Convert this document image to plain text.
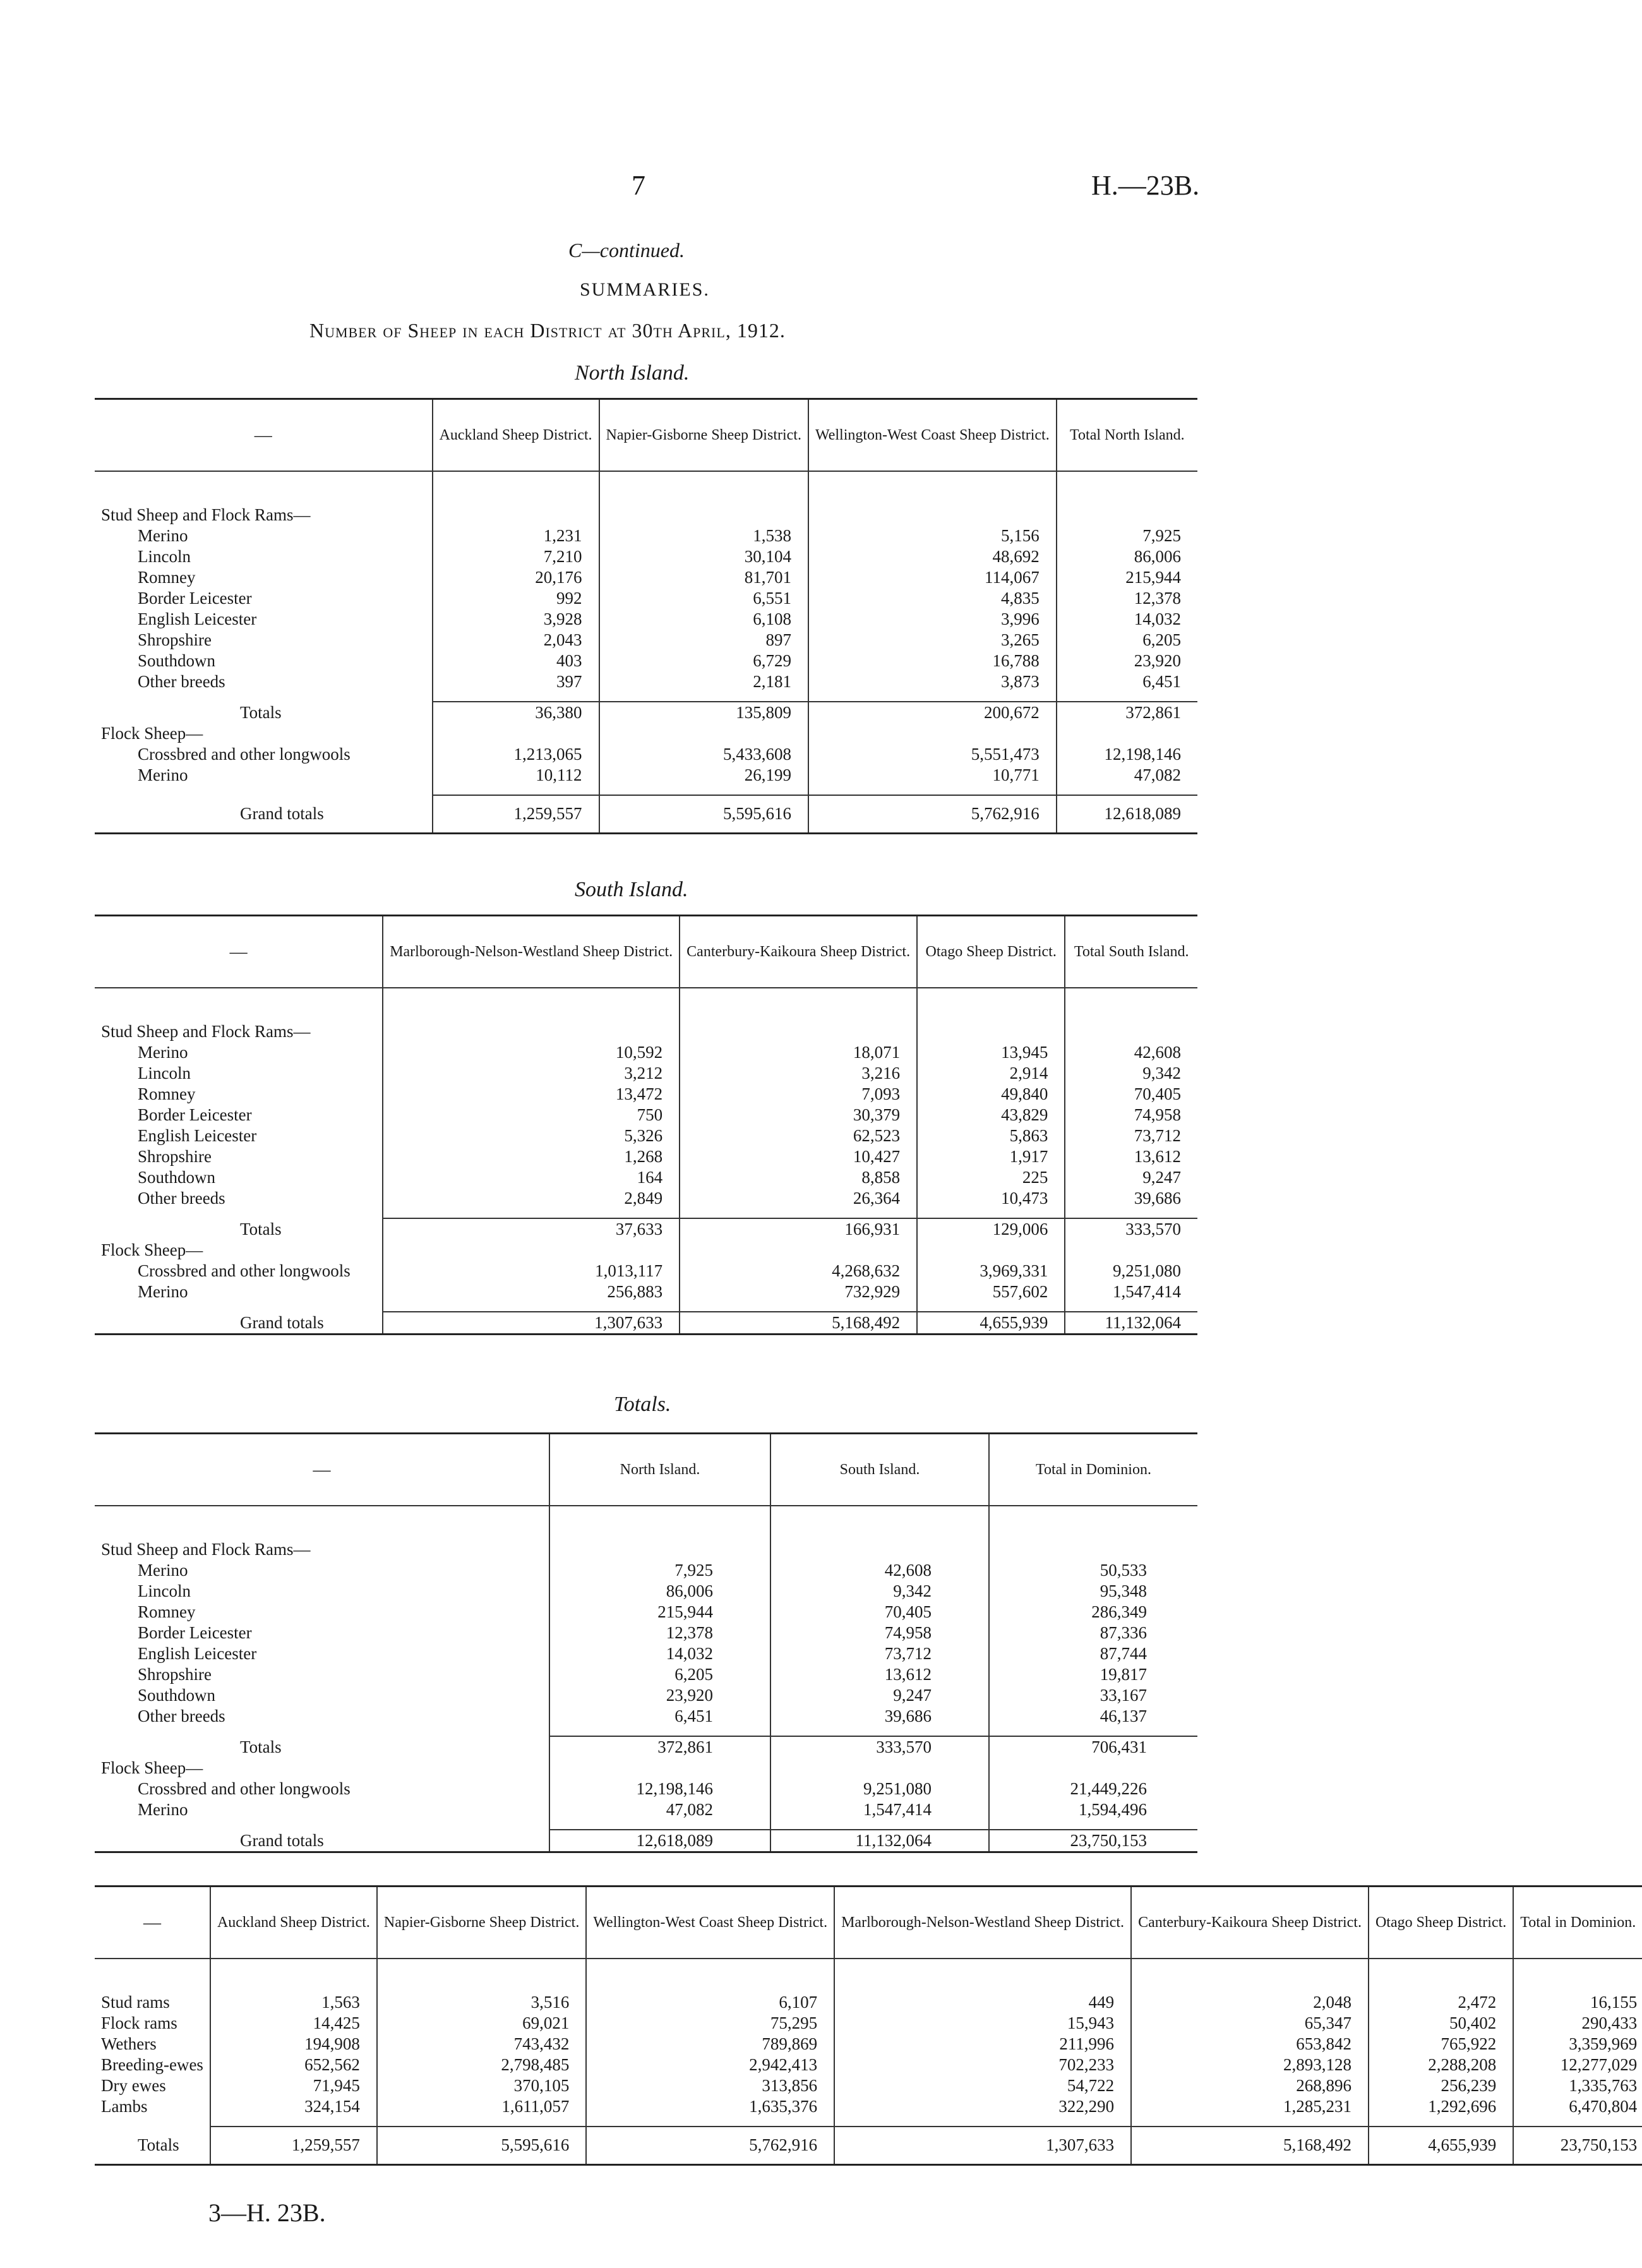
7	H.—23B.
C—continued.
SUMMARIES.
Number of Sheep in each District at 30th April, 1912.
North Island.
—	Auckland Sheep District.	Napier-Gisborne Sheep District.	Wellington-West Coast Sheep District.	Total North Island.

Stud Sheep and Flock Rams—				
Merino	1,231	1,538	5,156	7,925
Lincoln	7,210	30,104	48,692	86,006
Romney	20,176	81,701	114,067	215,944
Border Leicester	992	6,551	4,835	12,378
English Leicester	3,928	6,108	3,996	14,032
Shropshire	2,043	897	3,265	6,205
Southdown	403	6,729	16,788	23,920
Other breeds	397	2,181	3,873	6,451

Totals	36,380	135,809	200,672	372,861
Flock Sheep—				
Crossbred and other longwools	1,213,065	5,433,608	5,551,473	12,198,146
Merino	10,112	26,199	10,771	47,082

Grand totals	1,259,557	5,595,616	5,762,916	12,618,089
South Island.
—	Marlborough-Nelson-Westland Sheep District.	Canterbury-Kaikoura Sheep District.	Otago Sheep District.	Total South Island.

Stud Sheep and Flock Rams—				
Merino	10,592	18,071	13,945	42,608
Lincoln	3,212	3,216	2,914	9,342
Romney	13,472	7,093	49,840	70,405
Border Leicester	750	30,379	43,829	74,958
English Leicester	5,326	62,523	5,863	73,712
Shropshire	1,268	10,427	1,917	13,612
Southdown	164	8,858	225	9,247
Other breeds	2,849	26,364	10,473	39,686

Totals	37,633	166,931	129,006	333,570
Flock Sheep—				
Crossbred and other longwools	1,013,117	4,268,632	3,969,331	9,251,080
Merino	256,883	732,929	557,602	1,547,414

Grand totals	1,307,633	5,168,492	4,655,939	11,132,064
Totals.
—	North Island.	South Island.	Total in Dominion.

Stud Sheep and Flock Rams—			
Merino	7,925	42,608	50,533
Lincoln	86,006	9,342	95,348
Romney	215,944	70,405	286,349
Border Leicester	12,378	74,958	87,336
English Leicester	14,032	73,712	87,744
Shropshire	6,205	13,612	19,817
Southdown	23,920	9,247	33,167
Other breeds	6,451	39,686	46,137

Totals	372,861	333,570	706,431
Flock Sheep—			
Crossbred and other longwools	12,198,146	9,251,080	21,449,226
Merino	47,082	1,547,414	1,594,496

Grand totals	12,618,089	11,132,064	23,750,153
—	Auckland Sheep District.	Napier-Gisborne Sheep District.	Wellington-West Coast Sheep District.	Marlborough-Nelson-Westland Sheep District.	Canterbury-Kaikoura Sheep District.	Otago Sheep District.	Total in Dominion.

Stud rams	1,563	3,516	6,107	449	2,048	2,472	16,155
Flock rams	14,425	69,021	75,295	15,943	65,347	50,402	290,433
Wethers	194,908	743,432	789,869	211,996	653,842	765,922	3,359,969
Breeding-ewes	652,562	2,798,485	2,942,413	702,233	2,893,128	2,288,208	12,277,029
Dry ewes	71,945	370,105	313,856	54,722	268,896	256,239	1,335,763
Lambs	324,154	1,611,057	1,635,376	322,290	1,285,231	1,292,696	6,470,804

Totals	1,259,557	5,595,616	5,762,916	1,307,633	5,168,492	4,655,939	23,750,153
3—H. 23B.
